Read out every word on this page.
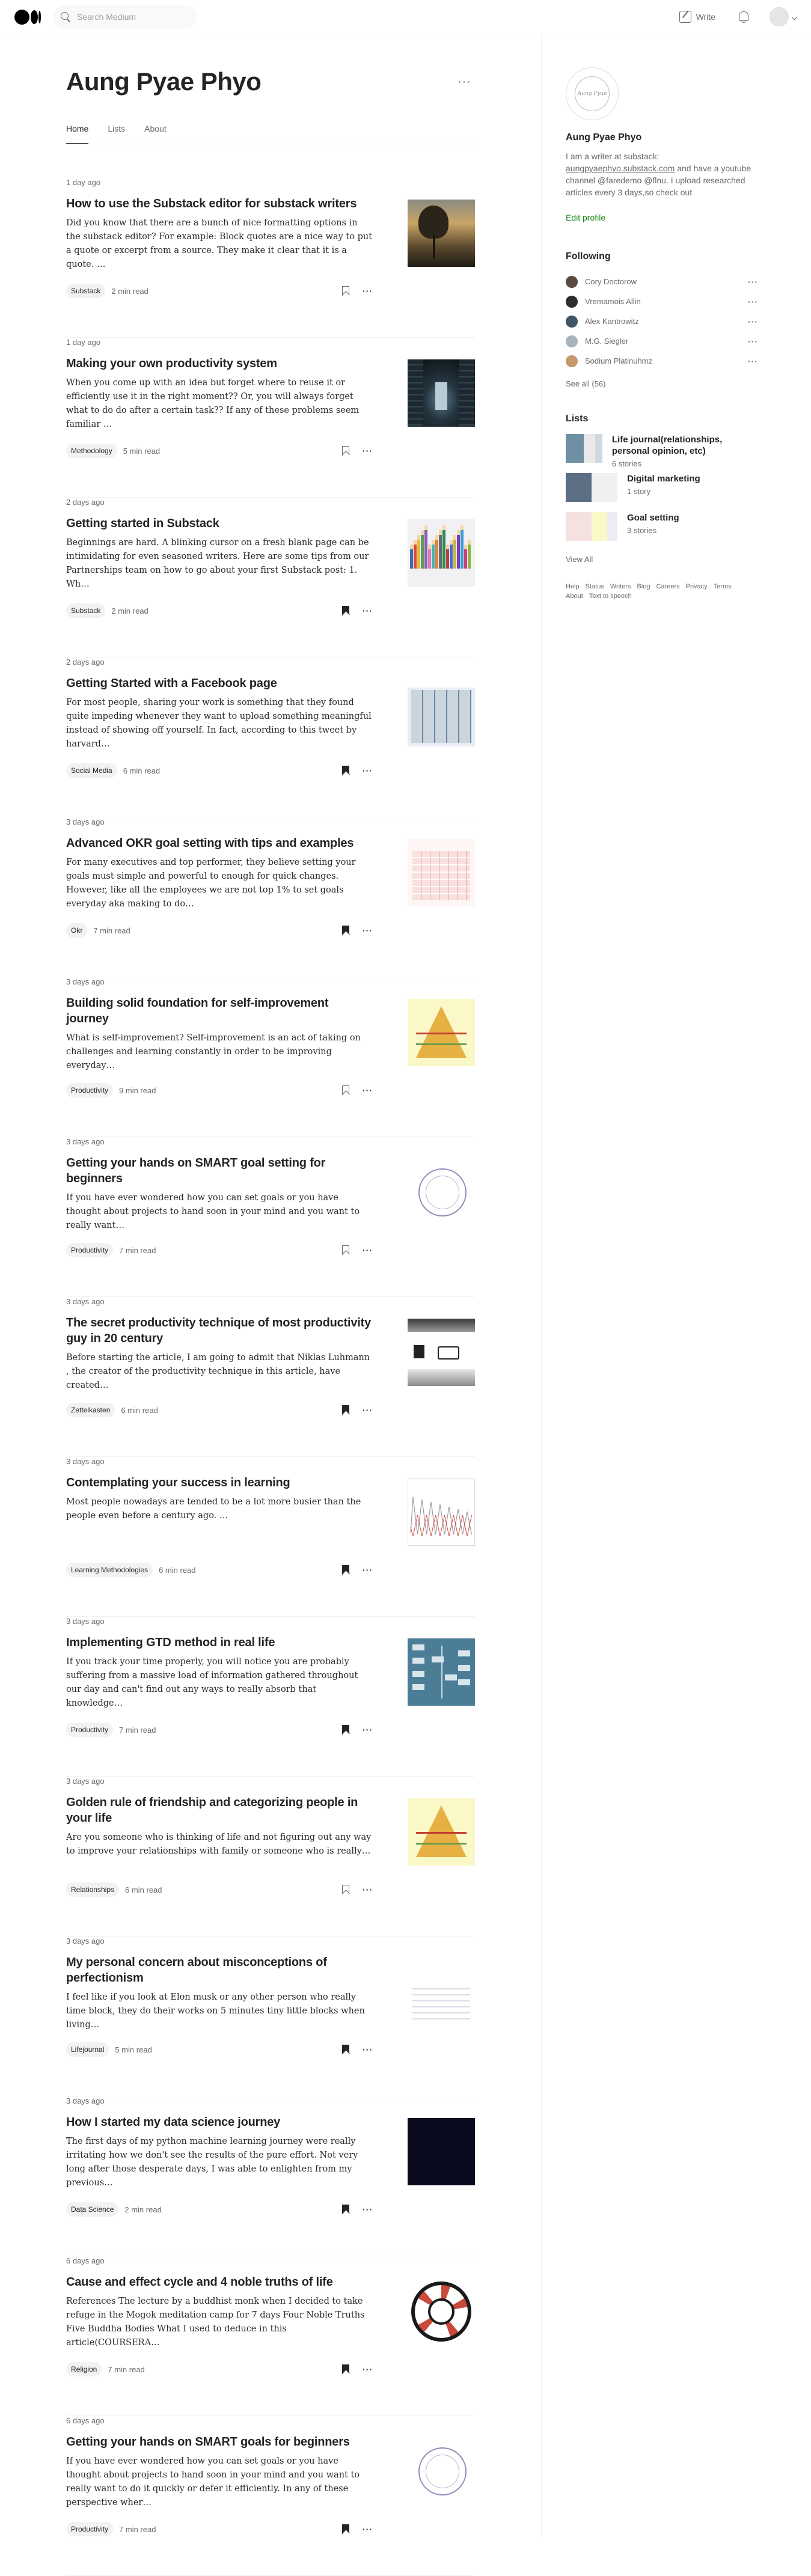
Search Medium
Write
Aung Pyae Phyo	···
Home Lists About
1 day ago
How to use the Substack editor for substack writers

Did you know that there are a bunch of nice formatting options in the substack editor? For example: Block quotes are a nice way to put a quote or excerpt from a source. They make it clear that it is a quote. …

Substack	2 min read	···
1 day ago
Making your own productivity system

When you come up with an idea but forget where to reuse it or efficiently use it in the right moment?? Or, you will always forget what to do do after a certain task?? If any of these problems seem familiar …

Methodology	5 min read	···
2 days ago
Getting started in Substack

Beginnings are hard. A blinking cursor on a fresh blank page can be intimidating for even seasoned writers. Here are some tips from our Partnerships team on how to go about your first Substack post: 1. Wh…

Substack	2 min read	···
2 days ago
Getting Started with a Facebook page

For most people, sharing your work is something that they found quite impeding whenever they want to upload something meaningful instead of showing off yourself. In fact, according to this tweet by harvard…

Social Media	6 min read	···
3 days ago
Advanced OKR goal setting with tips and examples

For many executives and top performer, they believe setting your goals must simple and powerful to enough for quick changes. However, like all the employees we are not top 1% to set goals everyday aka making to do…

Okr	7 min read	···
3 days ago
Building solid foundation for self-improvement journey

What is self-improvement? Self-improvement is an act of taking on challenges and learning constantly in order to be improving everyday…

Productivity	9 min read	···
3 days ago
Getting your hands on SMART goal setting for beginners

If you have ever wondered how you can set goals or you have thought about projects to hand soon in your mind and you want to really want…

Productivity	7 min read	···
3 days ago
The secret productivity technique of most productivity guy in 20 century

Before starting the article, I am going to admit that Niklas Luhmann , the creator of the productivity technique in this article, have created…

Zettelkasten	6 min read	···
3 days ago
Contemplating your success in learning

Most people nowadays are tended to be a lot more busier than the people even before a century ago. …

Learning Methodologies	6 min read	···
3 days ago
Implementing GTD method in real life

If you track your time properly, you will notice you are probably suffering from a massive load of information gathered throughout our day and can't find out any ways to really absorb that knowledge…

Productivity	7 min read	···
3 days ago
Golden rule of friendship and categorizing people in your life

Are you someone who is thinking of life and not figuring out any way to improve your relationships with family or someone who is really…

Relationships	6 min read	···
3 days ago
My personal concern about misconceptions of perfectionism

I feel like if you look at Elon musk or any other person who really time block, they do their works on 5 minutes tiny little blocks when living…

Lifejournal	5 min read	···
3 days ago
How I started my data science journey

The first days of my python machine learning journey were really irritating how we don't see the results of the pure effort. Not very long after those desperate days, I was able to enlighten from my previous…

Data Science	2 min read	···
6 days ago
Cause and effect cycle and 4 noble truths of life

References The lecture by a buddhist monk when I decided to take refuge in the Mogok meditation camp for 7 days Four Noble Truths Five Buddha Bodies What I used to deduce in this article(COURSERA…

Religion	7 min read	···
6 days ago
Getting your hands on SMART goals for beginners

If you have ever wondered how you can set goals or you have thought about projects to hand soon in your mind and you want to really want to do it quickly or defer it efficiently. In any of these perspective wher…

Productivity	7 min read	···
Aung Pyae
Aung Pyae Phyo
I am a writer at substack: aungpyaephyo.substack.com and have a youtube channel @faredemo @flnu. I upload researched articles every 3 days,so check out
Edit profile
Following
Cory Doctorow	···
Vremamois Allin	···
Alex Kantrowitz	···
M.G. Siegler	···
Sodium Platinuhmz	···
See all (56)
Lists
Life journal(relationships, personal opinion, etc)
6 stories
Digital marketing
1 story
Goal setting
3 stories
View All
Help Status Writers Blog Careers Privacy Terms
About Text to speech
